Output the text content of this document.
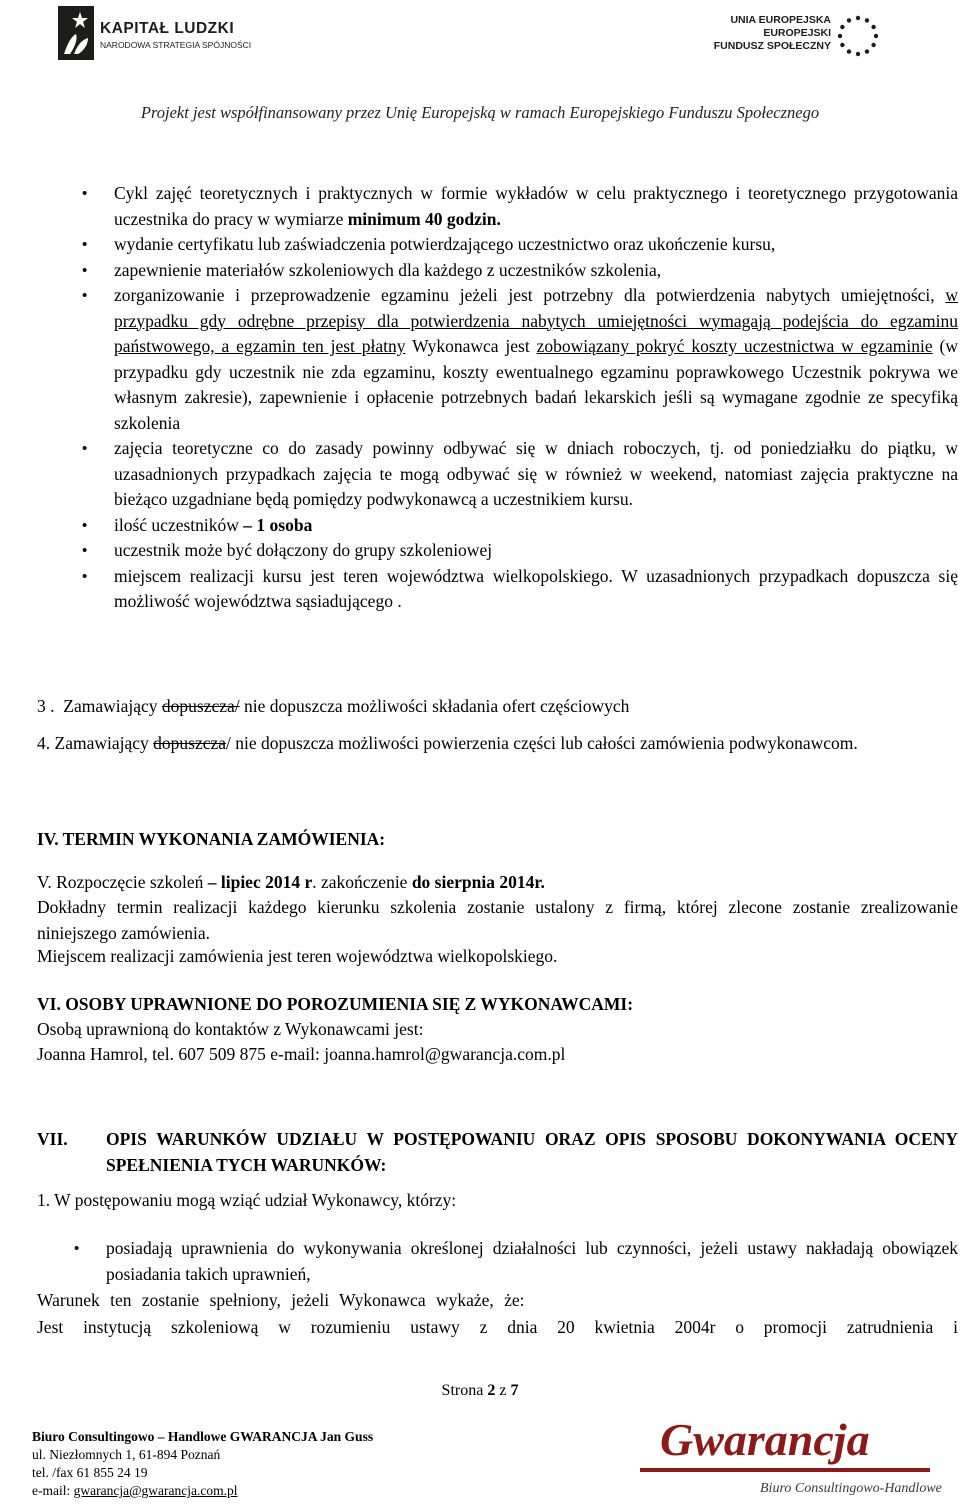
KAPITAŁ LUDZKI
NARODOWA STRATEGIA SPÓJNOŚCI
UNIA EUROPEJSKA
EUROPEJSKI
FUNDUSZ SPOŁECZNY
Projekt jest współfinansowany przez Unię Europejską w ramach Europejskiego Funduszu Społecznego
• Cykl zajęć teoretycznych i praktycznych w formie wykładów w celu praktycznego i teoretycznego przygotowania uczestnika do pracy w wymiarze minimum 40 godzin.
• wydanie certyfikatu lub zaświadczenia potwierdzającego uczestnictwo oraz ukończenie kursu,
• zapewnienie materiałów szkoleniowych dla każdego z uczestników szkolenia,
• zorganizowanie i przeprowadzenie egzaminu jeżeli jest potrzebny dla potwierdzenia nabytych umiejętności, w przypadku gdy odrębne przepisy dla potwierdzenia nabytych umiejętności wymagają podejścia do egzaminu państwowego, a egzamin ten jest płatny Wykonawca jest zobowiązany pokryć koszty uczestnictwa w egzaminie (w przypadku gdy uczestnik nie zda egzaminu, koszty ewentualnego egzaminu poprawkowego Uczestnik pokrywa we własnym zakresie), zapewnienie i opłacenie potrzebnych badań lekarskich jeśli są wymagane zgodnie ze specyfiką szkolenia
• zajęcia teoretyczne co do zasady powinny odbywać się w dniach roboczych, tj. od poniedziałku do piątku, w uzasadnionych przypadkach zajęcia te mogą odbywać się w również w weekend, natomiast zajęcia praktyczne na bieżąco uzgadniane będą pomiędzy podwykonawcą a uczestnikiem kursu.
• ilość uczestników – 1 osoba
• uczestnik może być dołączony do grupy szkoleniowej
• miejscem realizacji kursu jest teren województwa wielkopolskiego. W uzasadnionych przypadkach dopuszcza się możliwość województwa sąsiadującego .
3 . Zamawiający dopuszcza/ nie dopuszcza możliwości składania ofert częściowych
4. Zamawiający dopuszcza/ nie dopuszcza możliwości powierzenia części lub całości zamówienia podwykonawcom.
IV. TERMIN WYKONANIA ZAMÓWIENIA:
V. Rozpoczęcie szkoleń – lipiec 2014 r. zakończenie do sierpnia 2014r.
Dokładny termin realizacji każdego kierunku szkolenia zostanie ustalony z firmą, której zlecone zostanie zrealizowanie niniejszego zamówienia.
Miejscem realizacji zamówienia jest teren województwa wielkopolskiego.
VI. OSOBY UPRAWNIONE DO POROZUMIENIA SIĘ Z WYKONAWCAMI:
Osobą uprawnioną do kontaktów z Wykonawcami jest:
Joanna Hamrol, tel. 607 509 875 e-mail: joanna.hamrol@gwarancja.com.pl
VII. OPIS WARUNKÓW UDZIAŁU W POSTĘPOWANIU ORAZ OPIS SPOSOBU DOKONYWANIA OCENY SPEŁNIENIA TYCH WARUNKÓW:
1. W postępowaniu mogą wziąć udział Wykonawcy, którzy:
• posiadają uprawnienia do wykonywania określonej działalności lub czynności, jeżeli ustawy nakładają obowiązek posiadania takich uprawnień,
Warunek ten zostanie spełniony, jeżeli Wykonawca wykaże, że:
Jest instytucją szkoleniową w rozumieniu ustawy z dnia 20 kwietnia 2004r o promocji zatrudnienia i
Strona 2 z 7
Biuro Consultingowo – Handlowe GWARANCJA Jan Guss
ul. Niezłomnych 1, 61-894 Poznań
tel. /fax 61 855 24 19
e-mail: gwarancja@gwarancja.com.pl
Gwarancja
Biuro Consultingowo-Handlowe
